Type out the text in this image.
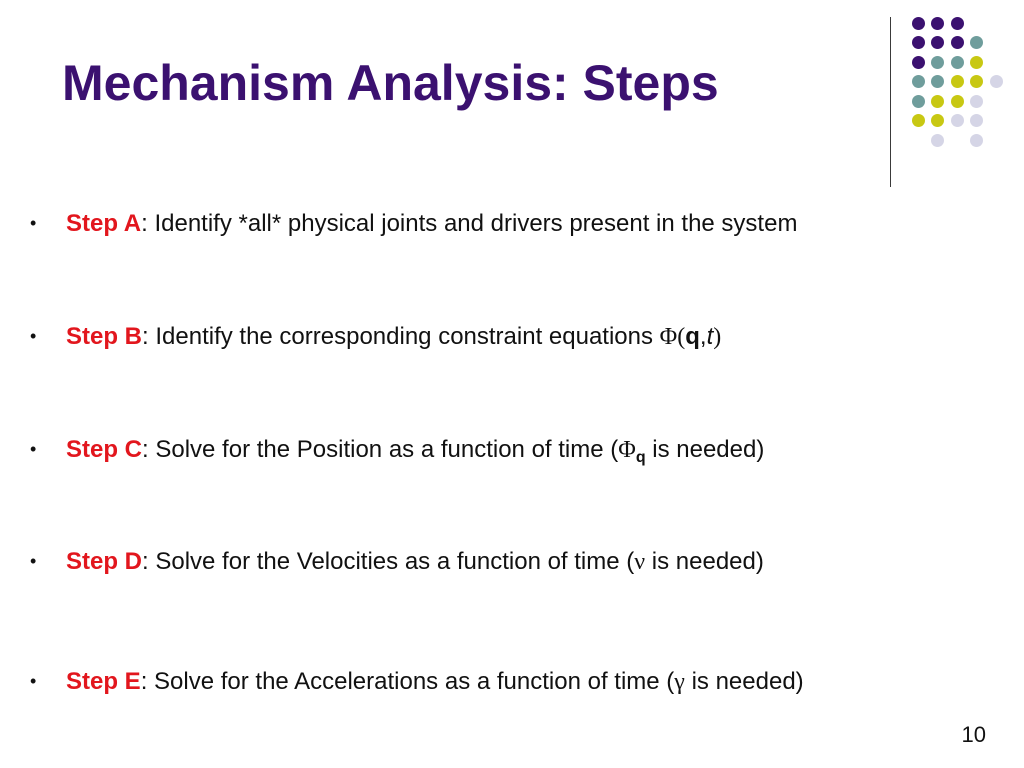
Mechanism Analysis: Steps
• Step A: Identify *all* physical joints and drivers present in the system
• Step B: Identify the corresponding constraint equations Φ(q,t)
• Step C: Solve for the Position as a function of time ($\Phi_q$ is needed)
• Step D: Solve for the Velocities as a function of time (ν is needed)
• Step E: Solve for the Accelerations as a function of time (γ is needed)
10
